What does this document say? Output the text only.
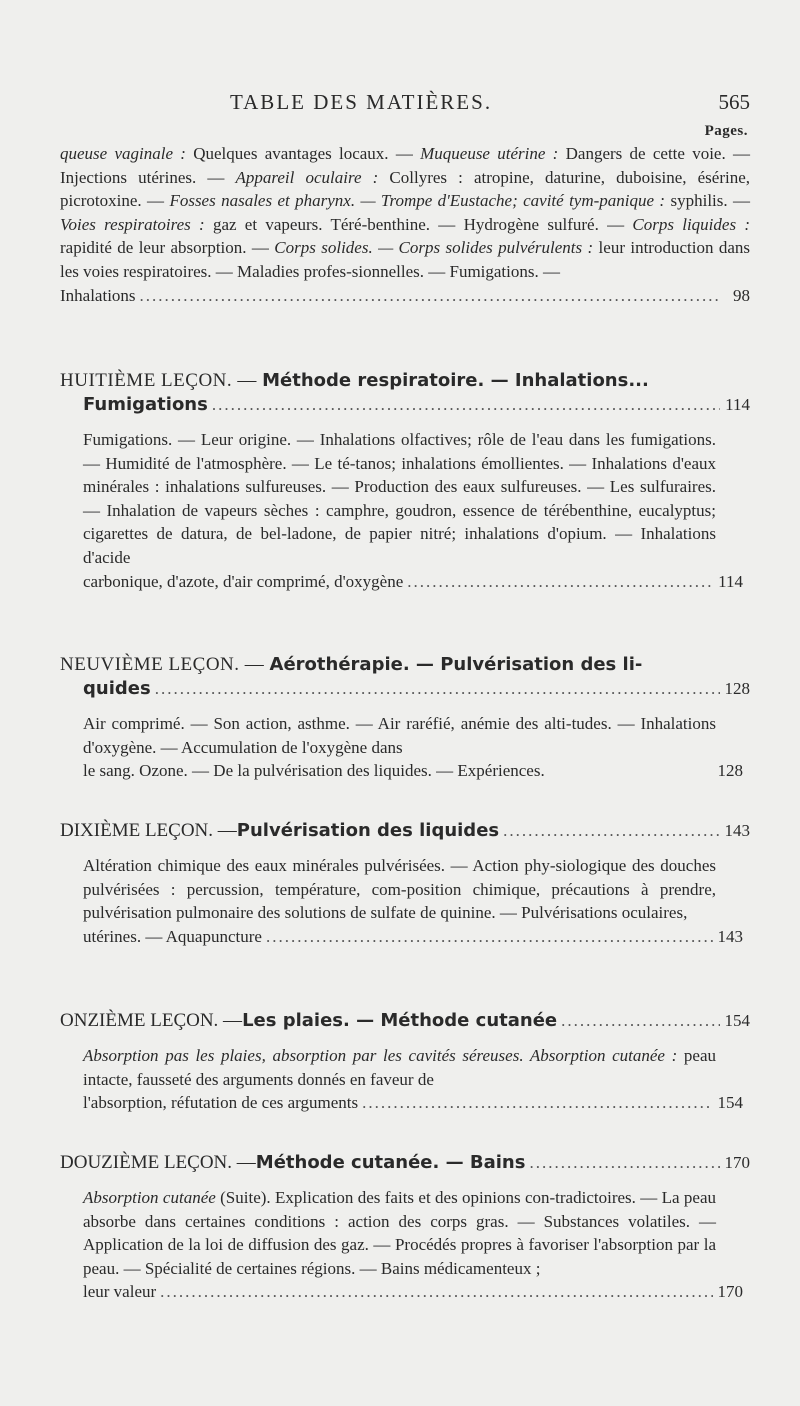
TABLE DES MATIÈRES.	565
Pages.
queuse vaginale : Quelques avantages locaux. — Muqueuse utérine : Dangers de cette voie. — Injections utérines. — Appareil oculaire : Collyres : atropine, daturine, duboisine, ésérine, picrotoxine. — Fosses nasales et pharynx. — Trompe d'Eustache; cavité tym-panique : syphilis. — Voies respiratoires : gaz et vapeurs. Téré-benthine. — Hydrogène sulfuré. — Corps liquides : rapidité de leur absorption. — Corps solides. — Corps solides pulvérulents : leur introduction dans les voies respiratoires. — Maladies profes-sionnelles. — Fumigations. —
Inhalations .....	98
HUITIÈME LEÇON. — Méthode respiratoire. — Inhalations...
Fumigations .....	114
Fumigations. — Leur origine. — Inhalations olfactives; rôle de l'eau dans les fumigations. — Humidité de l'atmosphère. — Le té-tanos; inhalations émollientes. — Inhalations d'eaux minérales : inhalations sulfureuses. — Production des eaux sulfureuses. — Les sulfuraires. — Inhalation de vapeurs sèches : camphre, goudron, essence de térébenthine, eucalyptus; cigarettes de datura, de bel-ladone, de papier nitré; inhalations d'opium. — Inhalations d'acide
carbonique, d'azote, d'air comprimé, d'oxygène .....	114
NEUVIÈME LEÇON. — Aérothérapie. — Pulvérisation des li-
quides .....	128
Air comprimé. — Son action, asthme. — Air raréfié, anémie des alti-tudes. — Inhalations d'oxygène. — Accumulation de l'oxygène dans
le sang. Ozone. — De la pulvérisation des liquides. — Expériences.	128
DIXIÈME LEÇON. — Pulvérisation des liquides .....	143
Altération chimique des eaux minérales pulvérisées. — Action phy-siologique des douches pulvérisées : percussion, température, com-position chimique, précautions à prendre, pulvérisation pulmonaire des solutions de sulfate de quinine. — Pulvérisations oculaires,
utérines. — Aquapuncture .....	143
ONZIÈME LEÇON. — Les plaies. — Méthode cutanée .....	154
Absorption pas les plaies, absorption par les cavités séreuses. Absorption cutanée : peau intacte, fausseté des arguments donnés en faveur de
l'absorption, réfutation de ces arguments .....	154
DOUZIÈME LEÇON. — Méthode cutanée. — Bains .....	170
Absorption cutanée (Suite). Explication des faits et des opinions con-tradictoires. — La peau absorbe dans certaines conditions : action des corps gras. — Substances volatiles. — Application de la loi de diffusion des gaz. — Procédés propres à favoriser l'absorption par la peau. — Spécialité de certaines régions. — Bains médicamenteux ;
leur valeur .....	170
